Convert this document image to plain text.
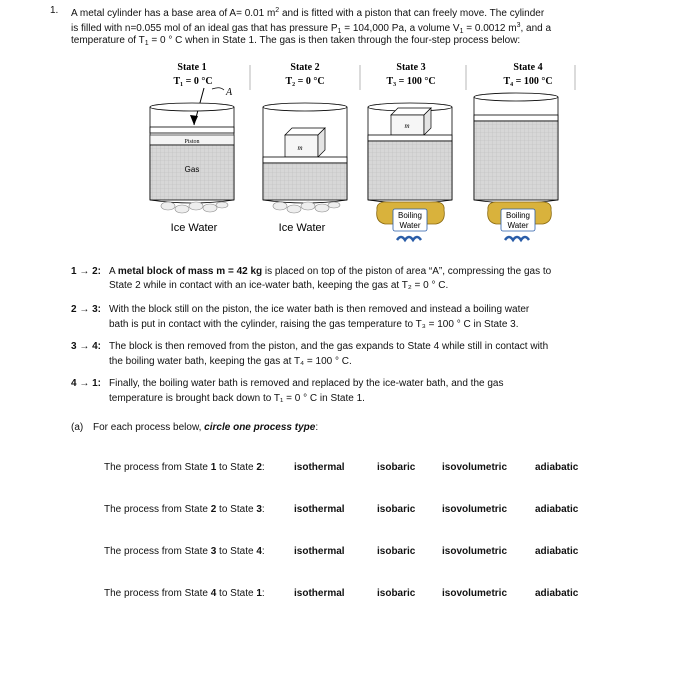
1. A metal cylinder has a base area of A= 0.01 $m^2$ and is fitted with a piston that can freely move. The cylinder
is filled with n=0.055 mol of an ideal gas that has pressure $P_1 = 104,000$ Pa, a volume $V_1 = 0.0012$ $m^3$, and a
temperature of $T_1 = 0$ ° C when in State 1. The gas is then taken through the four-step process below:
State 1
T₁ = 0 °C
State 2
T₂ = 0 °C
State 3
T₃ = 100 °C
State 4
T₄ = 100 °C
A
Piston
Gas
Ice Water
m
Ice Water
m
Boiling
Water
Boiling
Water
1 → 2: A metal block of mass m = 42 kg is placed on top of the piston of area “A”, compressing the gas to
State 2 while in contact with an ice-water bath, keeping the gas at T₂ = 0 ° C.
2 → 3: With the block still on the piston, the ice water bath is then removed and instead a boiling water
bath is put in contact with the cylinder, raising the gas temperature to T₃ = 100 ° C in State 3.
3 → 4: The block is then removed from the piston, and the gas expands to State 4 while still in contact with
the boiling water bath, keeping the gas at T₄ = 100 ° C.
4 → 1: Finally, the boiling water bath is removed and replaced by the ice-water bath, and the gas
temperature is brought back down to T₁ = 0 ° C in State 1.
(a) For each process below, circle one process type:
The process from State 1 to State 2:	isothermal	isobaric	isovolumetric	adiabatic
The process from State 2 to State 3:	isothermal	isobaric	isovolumetric	adiabatic
The process from State 3 to State 4:	isothermal	isobaric	isovolumetric	adiabatic
The process from State 4 to State 1:	isothermal	isobaric	isovolumetric	adiabatic
